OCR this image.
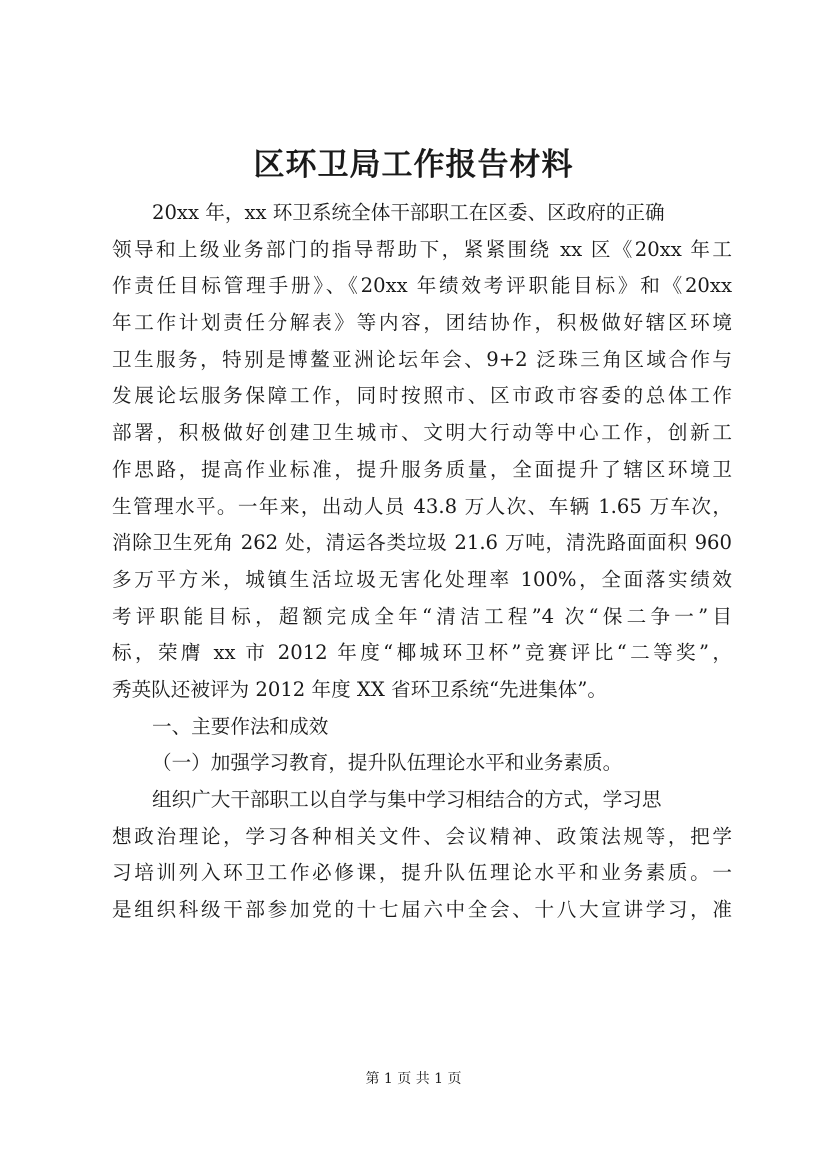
区环卫局工作报告材料
20xx 年，xx 环卫系统全体干部职工在区委、区政府的正确
领导和上级业务部门的指导帮助下，紧紧围绕 xx 区《20xx 年工
作责任目标管理手册》、《20xx 年绩效考评职能目标》和《20xx
年工作计划责任分解表》等内容，团结协作，积极做好辖区环境
卫生服务，特别是博鳌亚洲论坛年会、9+2 泛珠三角区域合作与
发展论坛服务保障工作，同时按照市、区市政市容委的总体工作
部署，积极做好创建卫生城市、文明大行动等中心工作，创新工
作思路，提高作业标准，提升服务质量，全面提升了辖区环境卫
生管理水平。一年来，出动人员 43.8 万人次、车辆 1.65 万车次，
消除卫生死角 262 处，清运各类垃圾 21.6 万吨，清洗路面面积 960
多万平方米，城镇生活垃圾无害化处理率 100%，全面落实绩效
考评职能目标，超额完成全年“清洁工程”4 次“保二争一”目
标，荣膺 xx 市 2012 年度“椰城环卫杯”竞赛评比“二等奖”，
秀英队还被评为 2012 年度 XX 省环卫系统“先进集体”。
一、主要作法和成效
（一）加强学习教育，提升队伍理论水平和业务素质。
组织广大干部职工以自学与集中学习相结合的方式，学习思
想政治理论，学习各种相关文件、会议精神、政策法规等，把学
习培训列入环卫工作必修课，提升队伍理论水平和业务素质。一
是组织科级干部参加党的十七届六中全会、十八大宣讲学习，准
第 1 页 共 1 页
